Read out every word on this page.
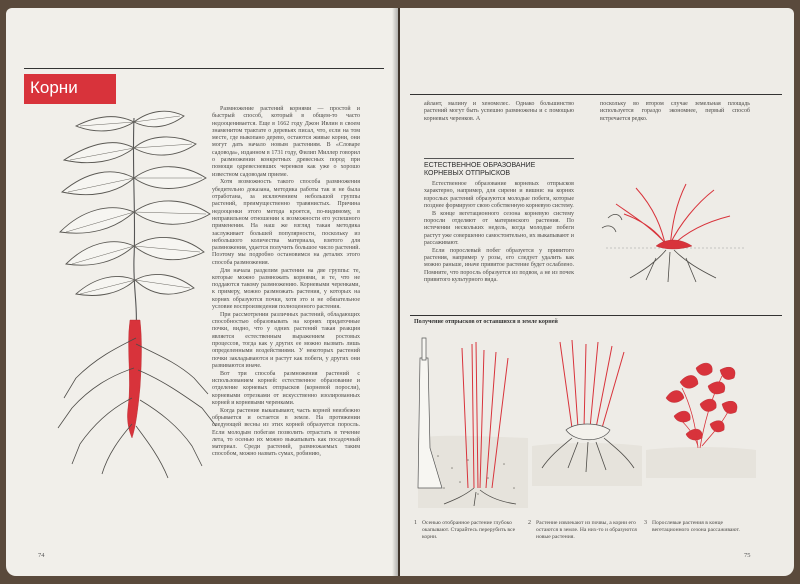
Корни

Размножение растений корнями — простой и быстрый способ, который в общем-то часто недооценивается. Еще в 1662 году Джон Ивлин в своем знаменитом трактате о деревьях писал, что, если на том месте, где выкопано дерево, остаются живые корни, они могут дать начало новым растениям. В «Словаре садовода», изданном в 1731 году, Филип Миллер говорил о размножении конкретных древесных пород при помощи одревесневших черенков как уже о хорошо известном садоводам приеме.

Хотя возможность такого способа размножения убедительно доказана, методика работы так и не была отработана, за исключением небольшой группы растений, преимущественно травянистых. Причина недооценки этого метода кроется, по-видимому, в неправильном отношении к возможности его успешного применения. На наш же взгляд такая методика заслуживает большей популярности, поскольку из небольшого количества материала, взятого для размножения, удается получить большое число растений. Поэтому мы подробно остановимся на деталях этого способа размножения.

Для начала разделим растения на две группы: те, которые можно размножать корнями, и те, что не поддаются такому размножению. Корневыми черенками, к примеру, можно размножать растения, у которых на корнях образуются почки, хотя это и не обязательное условие воспроизведения полноценного растения.

При рассмотрении различных растений, обладающих способностью образовывать на корнях придаточные почки, видно, что у одних растений такая реакция является естественным выражением ростовых процессов, тогда как у других ее можно вызвать лишь определенными воздействиями. У некоторых растений почки закладываются и растут как побеги, у других они развиваются иначе.

Вот три способа размножения растений с использованием корней: естественное образование и отделение корневых отпрысков (корневой поросли), корневыми отрезками от искусственно изолированных корней и корневыми черенками.

Когда растение выкапывают, часть корней неизбежно обрывается и остается в земле. На протяжении следующей весны из этих корней образуется поросль. Если молодым побегам позволить отрастать в течение лета, то осенью их можно выкапывать как посадочный материал. Среди растений, размножаемых таким способом, можно назвать сумах, робинию,

74

айлант, малину и хеномелес. Однако большинство растений могут быть успешно размножены и с помощью корневых черенков. А

поскольку во втором случае земельная площадь используется гораздо экономнее, первый способ встречается редко.

ЕСТЕСТВЕННОЕ ОБРАЗОВАНИЕ КОРНЕВЫХ ОТПРЫСКОВ

Естественное образование корневых отпрысков характерно, например, для сирени и вишни: на корнях взрослых растений образуются молодые побеги, которые позднее формируют свою собственную корневую систему.

В конце вегетационного сезона корневую систему поросли отделяют от материнского растения. По истечении нескольких недель, когда молодые побеги растут уже совершенно самостоятельно, их выкапывают и рассаживают.

Если порослевый побег образуется у привитого растения, например у розы, его следует удалить как можно раньше, иначе привитое растение будет ослаблено. Помните, что поросль образуется из подвоя, а не из почек привитого культурного вида.

Получение отпрысков от оставшихся в земле корней
1 Осенью отобранное растение глубоко окапывают. Старайтесь перерубить все корни.
2 Растение извлекают из почвы, а корни его остаются в земле. На них-то и образуются новые растения.
3 Порослевые растения в конце вегетационного сезона рассаживают.
75
